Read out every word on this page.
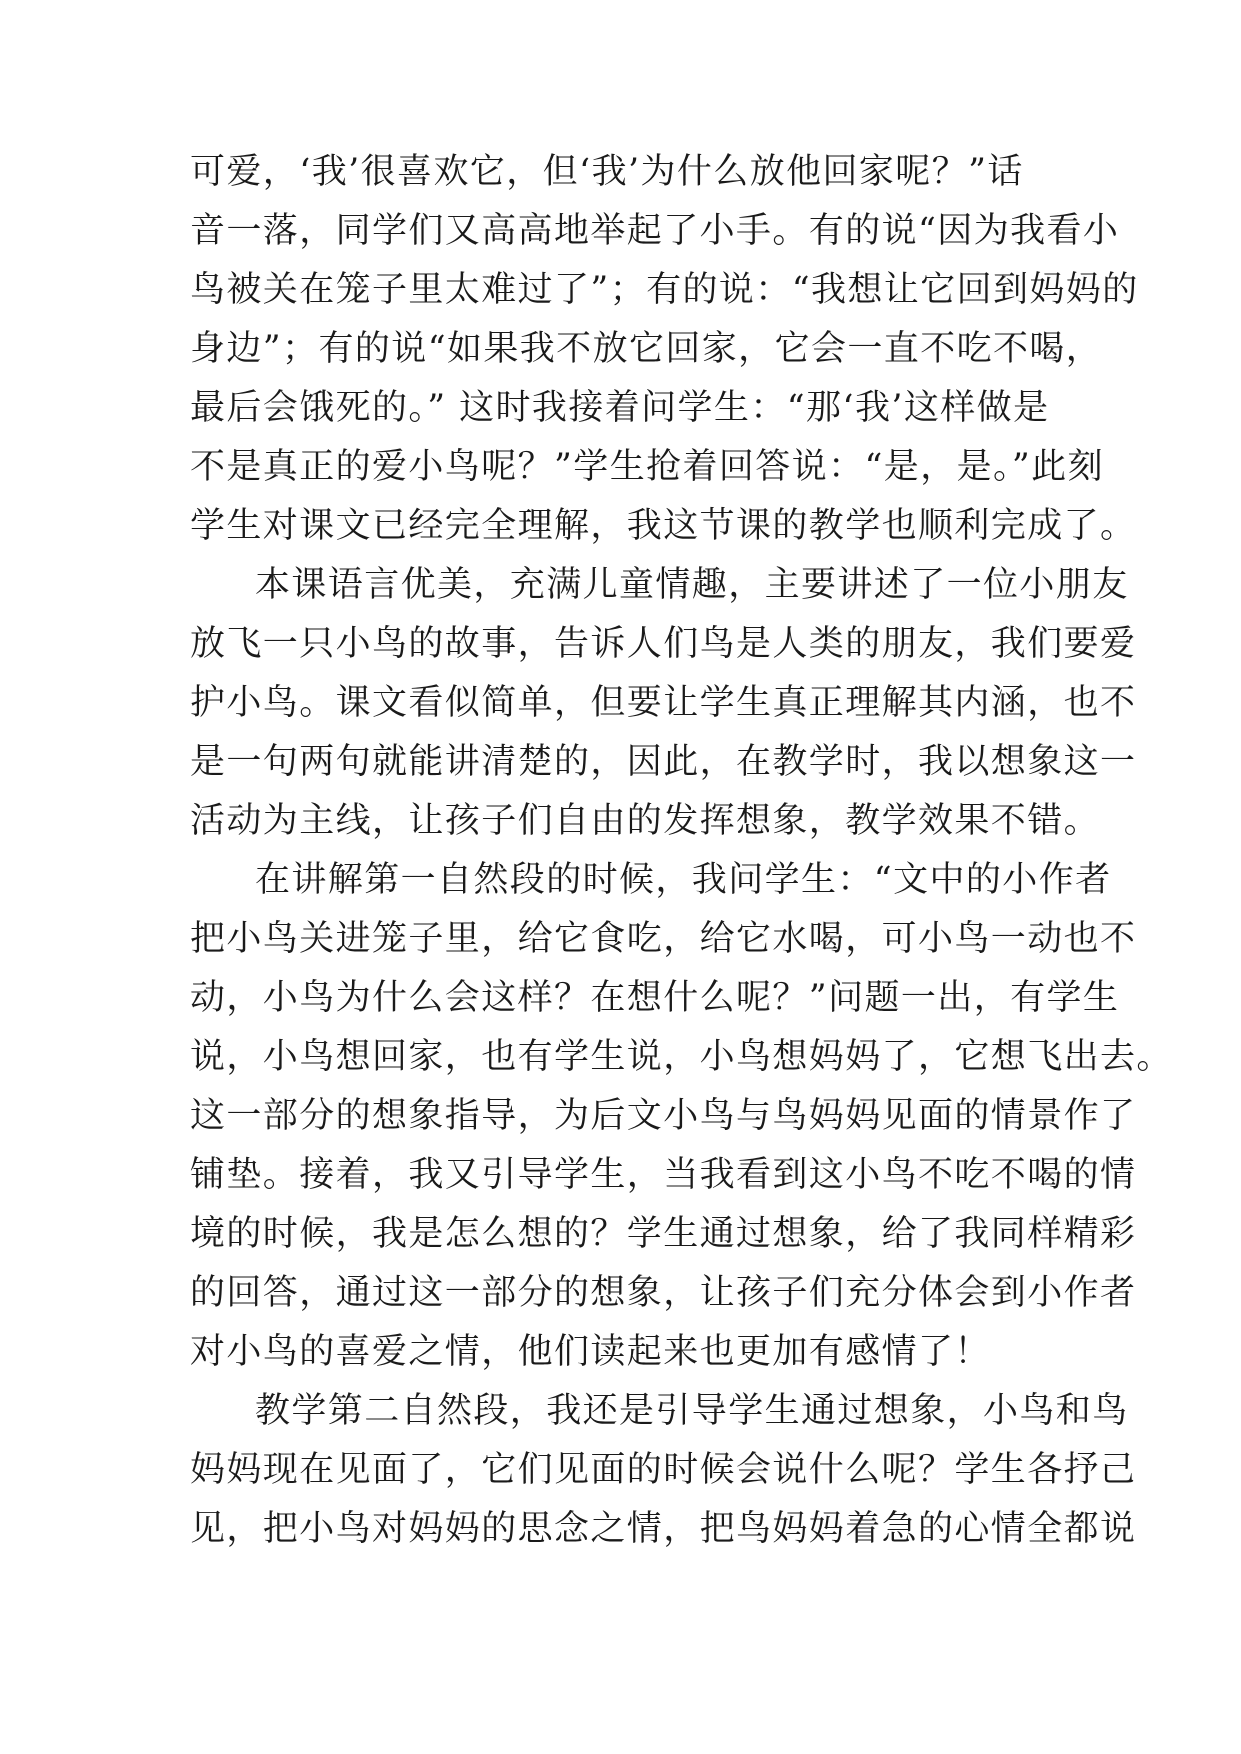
可爱，‘我’很喜欢它，但‘我’为什么放他回家呢？”话
音一落，同学们又高高地举起了小手。有的说“因为我看小
鸟被关在笼子里太难过了”；有的说：“我想让它回到妈妈的
身边”；有的说“如果我不放它回家，它会一直不吃不喝，
最后会饿死的。” 这时我接着问学生：“那‘我’这样做是
不是真正的爱小鸟呢？”学生抢着回答说：“是，是。”此刻
学生对课文已经完全理解，我这节课的教学也顺利完成了。
本课语言优美，充满儿童情趣，主要讲述了一位小朋友
放飞一只小鸟的故事，告诉人们鸟是人类的朋友，我们要爱
护小鸟。课文看似简单，但要让学生真正理解其内涵，也不
是一句两句就能讲清楚的，因此，在教学时，我以想象这一
活动为主线，让孩子们自由的发挥想象，教学效果不错。
在讲解第一自然段的时候，我问学生：“文中的小作者
把小鸟关进笼子里，给它食吃，给它水喝，可小鸟一动也不
动，小鸟为什么会这样？在想什么呢？”问题一出，有学生
说，小鸟想回家，也有学生说，小鸟想妈妈了，它想飞出去。
这一部分的想象指导，为后文小鸟与鸟妈妈见面的情景作了
铺垫。接着，我又引导学生，当我看到这小鸟不吃不喝的情
境的时候，我是怎么想的？学生通过想象，给了我同样精彩
的回答，通过这一部分的想象，让孩子们充分体会到小作者
对小鸟的喜爱之情，他们读起来也更加有感情了！
教学第二自然段，我还是引导学生通过想象，小鸟和鸟
妈妈现在见面了，它们见面的时候会说什么呢？学生各抒己
见，把小鸟对妈妈的思念之情，把鸟妈妈着急的心情全都说
